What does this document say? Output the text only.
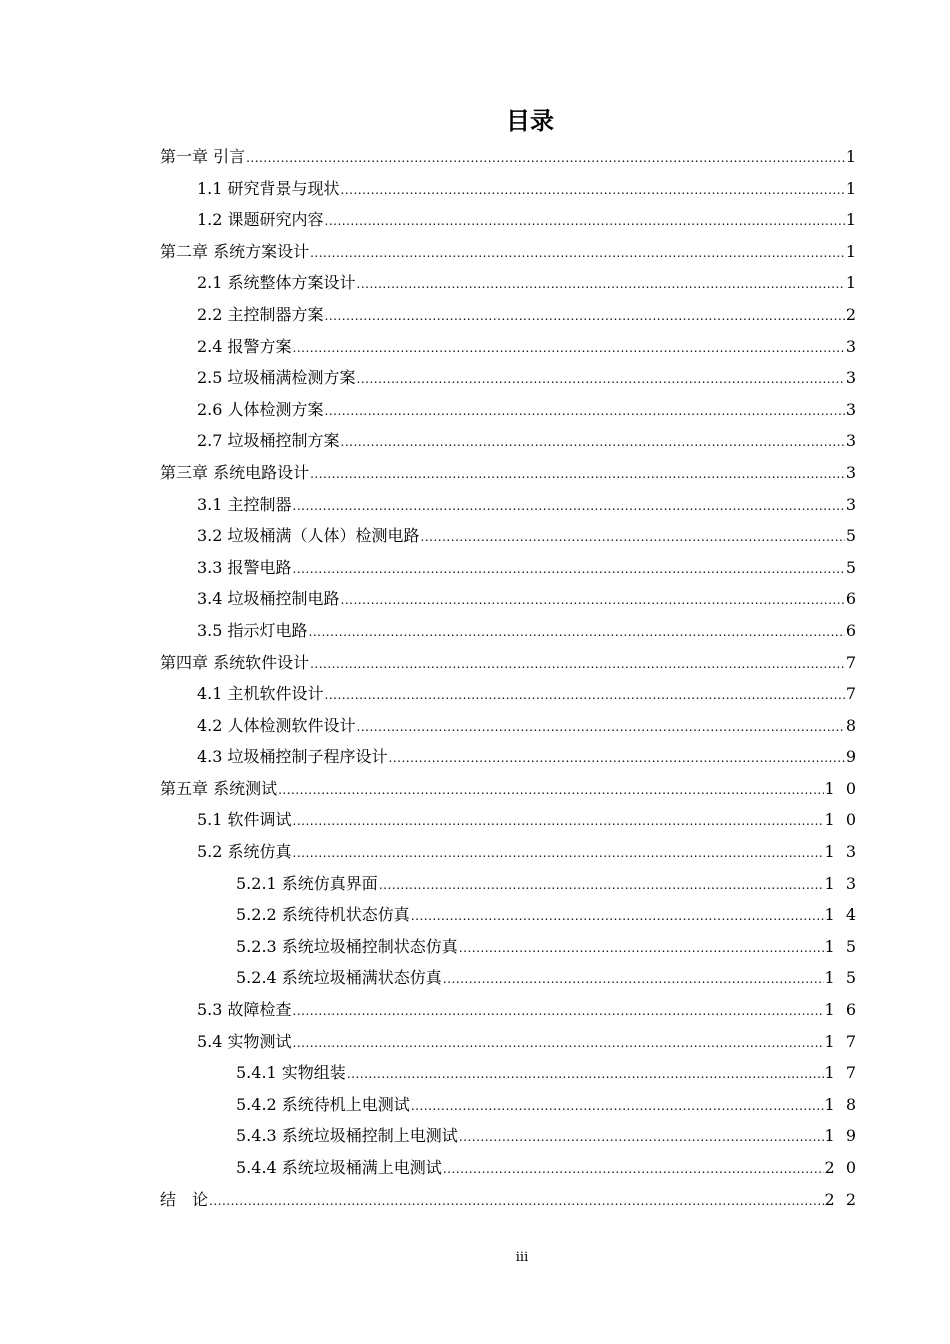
目录
第一章 引言 .....	1
1.1 研究背景与现状 .....	1
1.2 课题研究内容 .....	1
第二章 系统方案设计 .....	1
2.1 系统整体方案设计 .....	1
2.2 主控制器方案 .....	2
2.4 报警方案 .....	3
2.5 垃圾桶满检测方案 .....	3
2.6 人体检测方案 .....	3
2.7 垃圾桶控制方案 .....	3
第三章 系统电路设计 .....	3
3.1 主控制器 .....	3
3.2 垃圾桶满（人体）检测电路 .....	5
3.3 报警电路 .....	5
3.4 垃圾桶控制电路 .....	6
3.5 指示灯电路 .....	6
第四章 系统软件设计 .....	7
4.1 主机软件设计 .....	7
4.2 人体检测软件设计 .....	8
4.3 垃圾桶控制子程序设计 .....	9
第五章 系统测试 .....	1 0
5.1 软件调试 .....	1 0
5.2 系统仿真 .....	1 3
5.2.1 系统仿真界面 .....	1 3
5.2.2 系统待机状态仿真 .....	1 4
5.2.3 系统垃圾桶控制状态仿真 .....	1 5
5.2.4 系统垃圾桶满状态仿真 .....	1 5
5.3 故障检查 .....	1 6
5.4 实物测试 .....	1 7
5.4.1 实物组装 .....	1 7
5.4.2 系统待机上电测试 .....	1 8
5.4.3 系统垃圾桶控制上电测试 .....	1 9
5.4.4 系统垃圾桶满上电测试 .....	2 0
结　论 .....	2 2
iii
